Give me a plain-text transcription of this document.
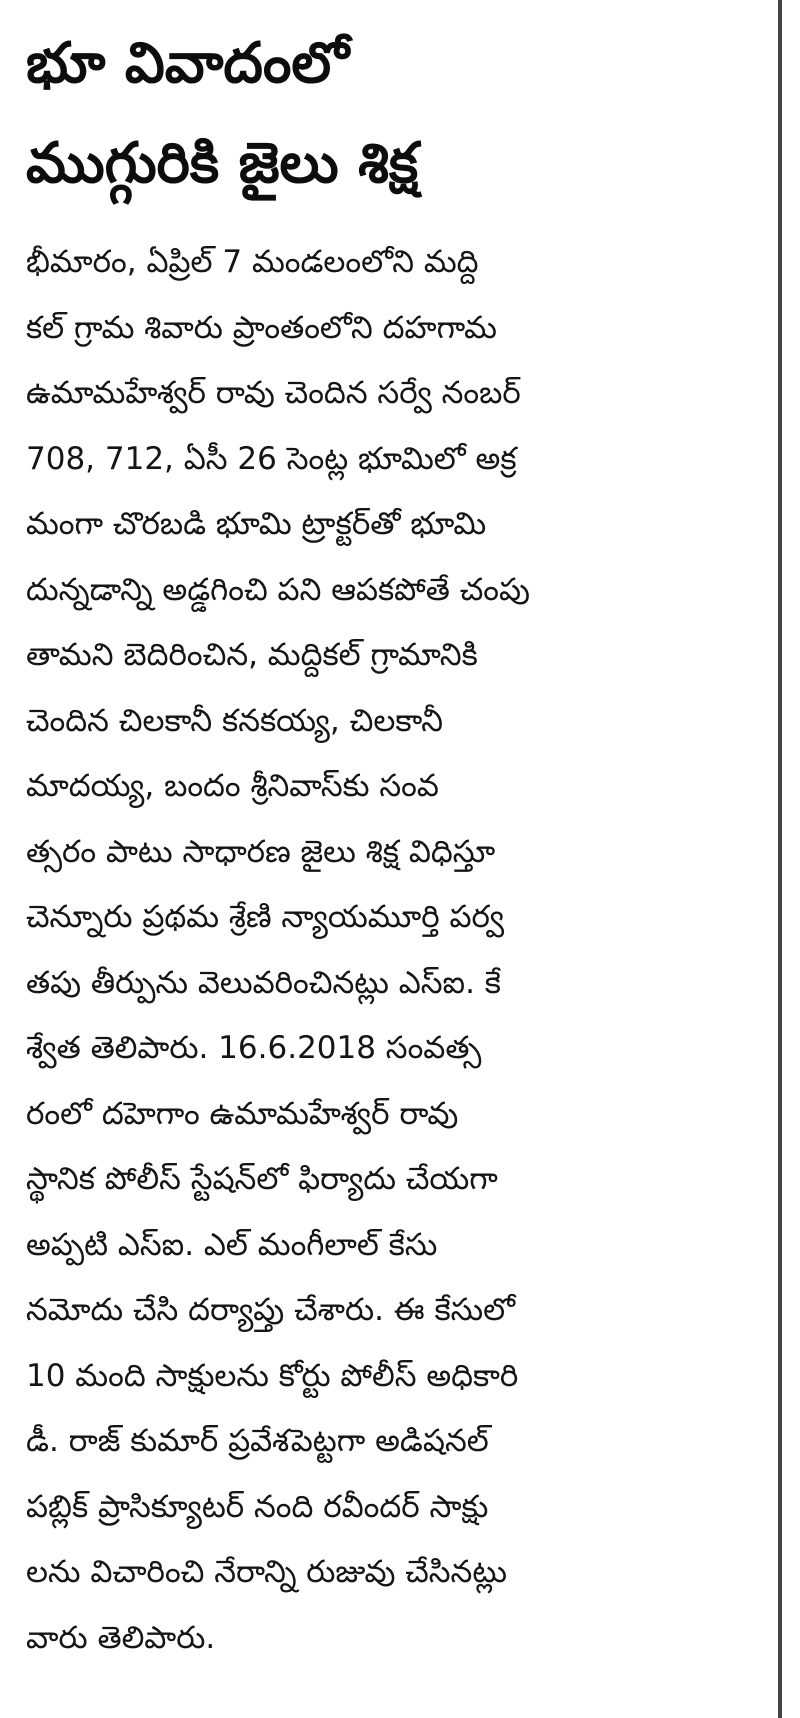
భూ వివాదంలో
ముగ్గురికి జైలు శిక్ష
భీమారం, ఏప్రిల్ 7 మండలంలోని మద్ది
కల్ గ్రామ శివారు ప్రాంతంలోని దహగామ
ఉమామహేశ్వర్ రావు చెందిన సర్వే నంబర్
708, 712, ఏసీ 26 సెంట్ల భూమిలో అక్ర
మంగా చొరబడి భూమి ట్రాక్టర్‌తో భూమి
దున్నడాన్ని అడ్డగించి పని ఆపకపోతే చంపు
తామని బెదిరించిన, మద్దికల్ గ్రామానికి
చెందిన చిలకానీ కనకయ్య, చిలకానీ
మాదయ్య, బందం శ్రీనివాస్‌కు సంవ
త్సరం పాటు సాధారణ జైలు శిక్ష విధిస్తూ
చెన్నూరు ప్రథమ శ్రేణి న్యాయమూర్తి పర్వ
తపు తీర్పును వెలువరించినట్లు ఎస్ఐ. కే
శ్వేత తెలిపారు. 16.6.2018 సంవత్స
రంలో దహెగాం ఉమామహేశ్వర్ రావు
స్థానిక పోలీస్ స్టేషన్‌లో ఫిర్యాదు చేయగా
అప్పటి ఎస్ఐ. ఎల్ మంగీలాల్ కేసు
నమోదు చేసి దర్యాప్తు చేశారు. ఈ కేసులో
10 మంది సాక్షులను కోర్టు పోలీస్ అధికారి
డీ. రాజ్ కుమార్ ప్రవేశపెట్టగా అడిషనల్
పబ్లిక్ ప్రాసిక్యూటర్ నంది రవీందర్ సాక్షు
లను విచారించి నేరాన్ని రుజువు చేసినట్లు
వారు తెలిపారు.
